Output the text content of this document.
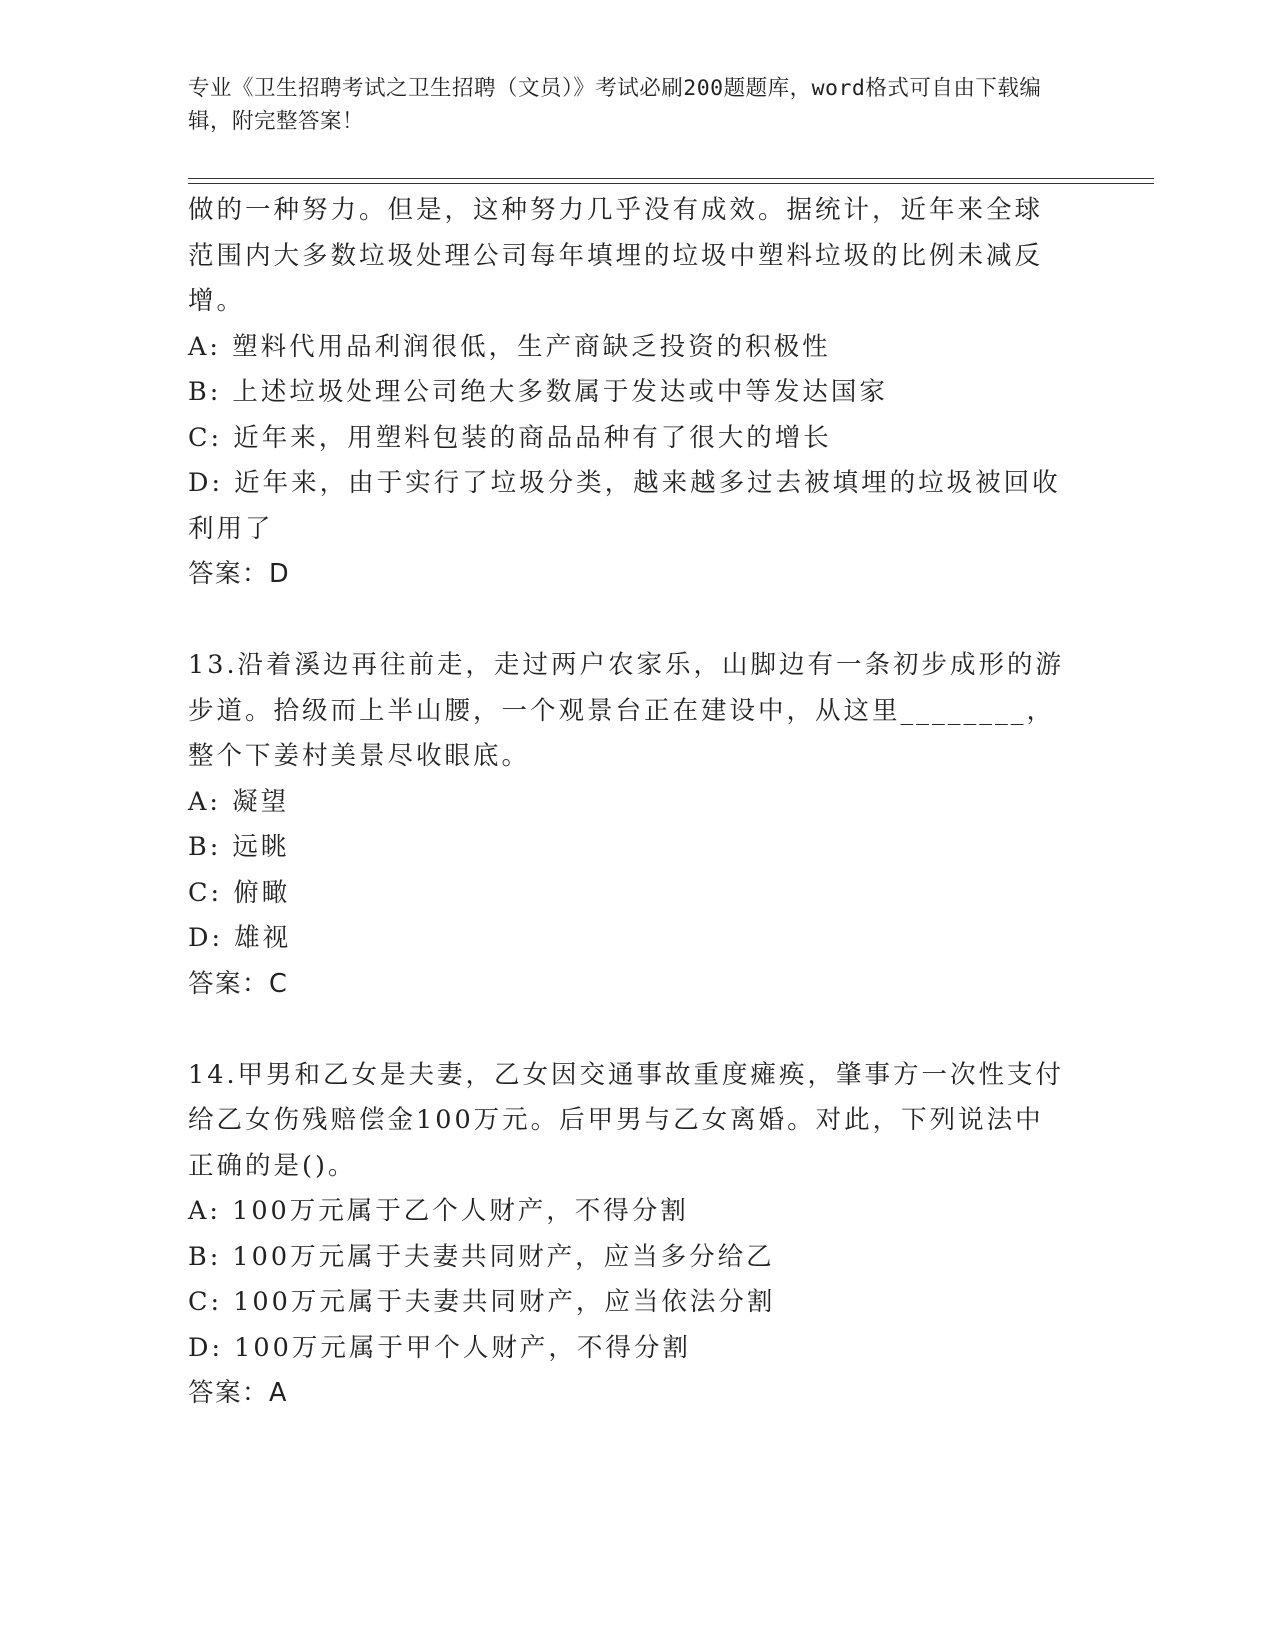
专业《卫生招聘考试之卫生招聘（文员）》考试必刷200题题库，word格式可自由下载编辑，附完整答案！
做的一种努力。但是，这种努力几乎没有成效。据统计，近年来全球
范围内大多数垃圾处理公司每年填埋的垃圾中塑料垃圾的比例未减反
增。
A: 塑料代用品利润很低，生产商缺乏投资的积极性
B: 上述垃圾处理公司绝大多数属于发达或中等发达国家
C: 近年来，用塑料包装的商品品种有了很大的增长
D: 近年来，由于实行了垃圾分类，越来越多过去被填埋的垃圾被回收
利用了
答案：D
13.沿着溪边再往前走，走过两户农家乐，山脚边有一条初步成形的游
步道。拾级而上半山腰，一个观景台正在建设中，从这里________，
整个下姜村美景尽收眼底。
A: 凝望
B: 远眺
C: 俯瞰
D: 雄视
答案：C
14.甲男和乙女是夫妻，乙女因交通事故重度瘫痪，肇事方一次性支付
给乙女伤残赔偿金100万元。后甲男与乙女离婚。对此，下列说法中
正确的是()。
A: 100万元属于乙个人财产，不得分割
B: 100万元属于夫妻共同财产，应当多分给乙
C: 100万元属于夫妻共同财产，应当依法分割
D: 100万元属于甲个人财产，不得分割
答案：A
